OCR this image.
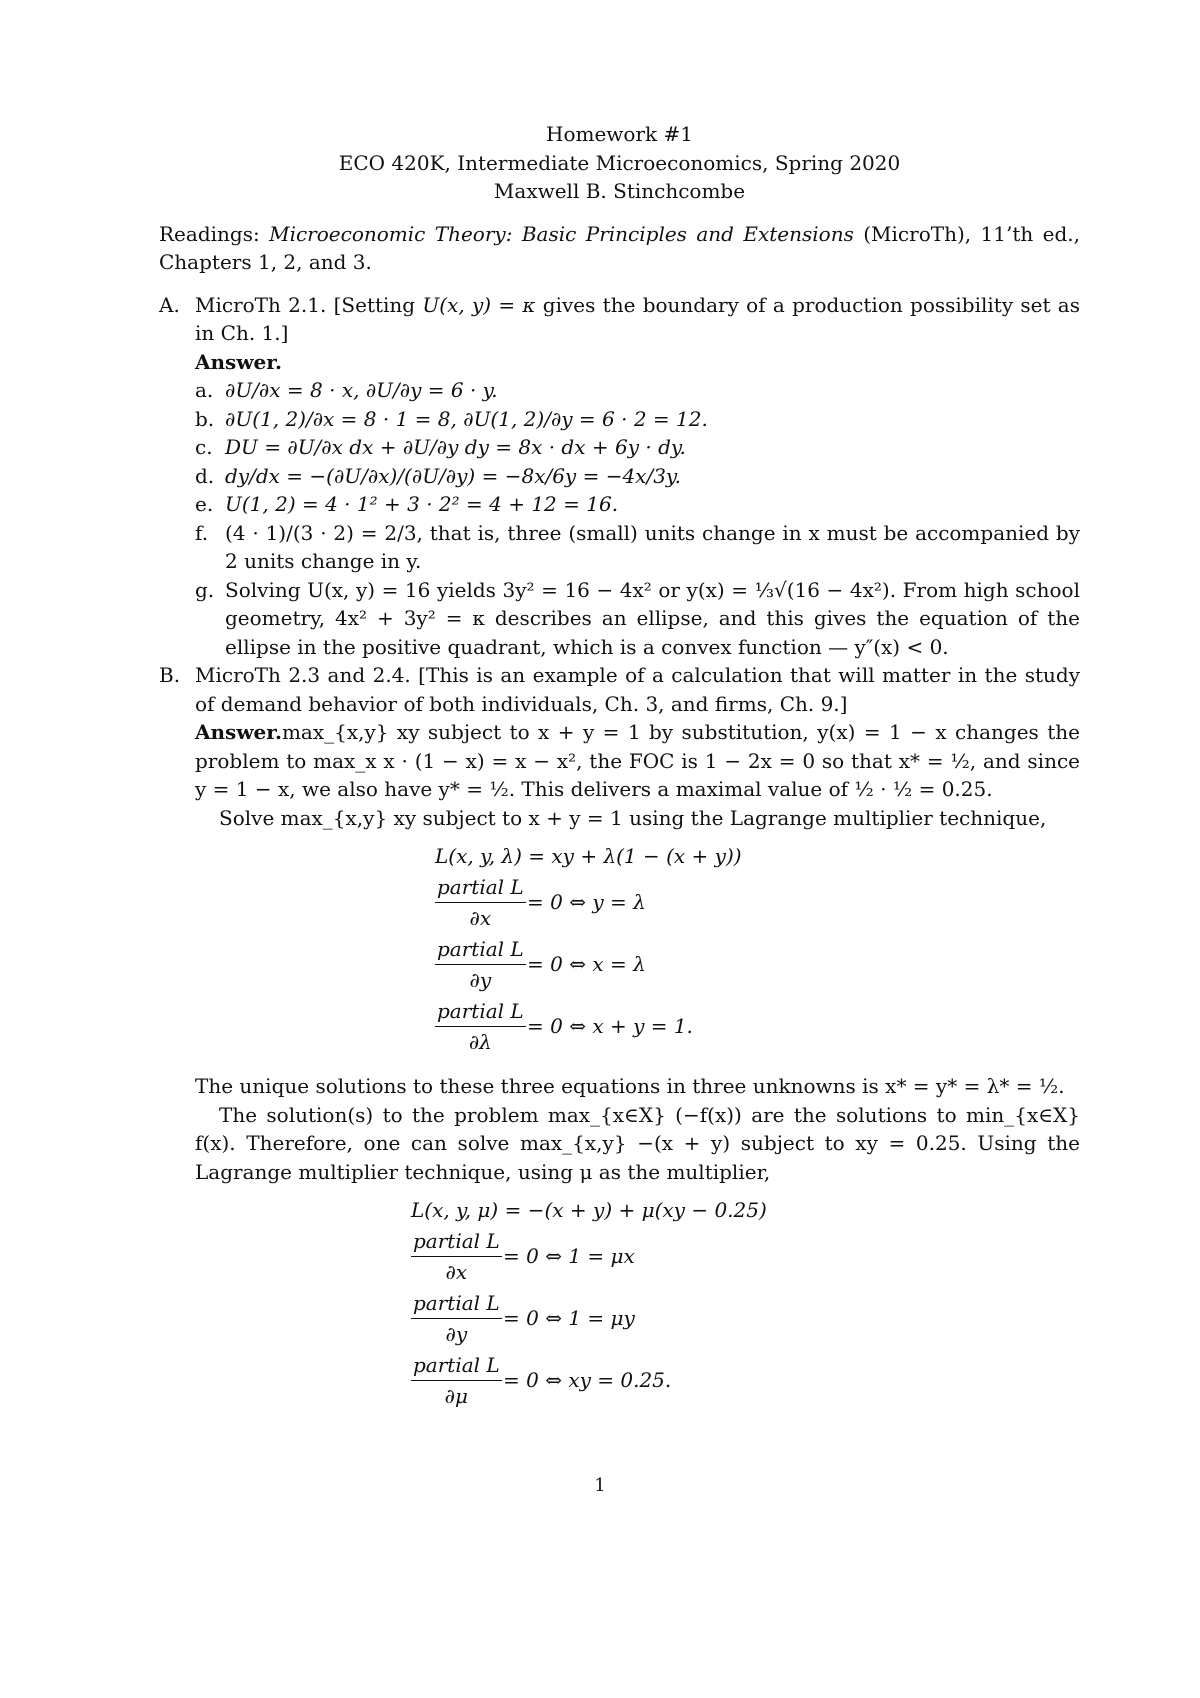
Homework #1

ECO 420K, Intermediate Microeconomics, Spring 2020

Maxwell B. Stinchcombe

Readings: Microeconomic Theory: Basic Principles and Extensions (MicroTh), 11’th ed., Chapters 1, 2, and 3.

A. MicroTh 2.1. [Setting U(x, y) = κ gives the boundary of a production possibility set as in Ch. 1.]

Answer.

a. ∂U/∂x = 8 · x, ∂U/∂y = 6 · y.
b. ∂U(1, 2)/∂x = 8 · 1 = 8, ∂U(1, 2)/∂y = 6 · 2 = 12.
c. DU = ∂U/∂x dx + ∂U/∂y dy = 8x · dx + 6y · dy.
d. dy/dx = −(∂U/∂x)/(∂U/∂y) = −8x/6y = −4x/3y.
e. U(1, 2) = 4 · 1² + 3 · 2² = 4 + 12 = 16.
f. (4 · 1)/(3 · 2) = 2/3, that is, three (small) units change in x must be accompanied by 2 units change in y.
g. Solving U(x, y) = 16 yields 3y² = 16 − 4x² or y(x) = ⅓√(16 − 4x²). From high school geometry, 4x² + 3y² = κ describes an ellipse, and this gives the equation of the ellipse in the positive quadrant, which is a convex function — y″(x) < 0.
B. MicroTh 2.3 and 2.4. [This is an example of a calculation that will matter in the study of demand behavior of both individuals, Ch. 3, and firms, Ch. 9.]

Answer.max_{x,y} xy subject to x + y = 1 by substitution, y(x) = 1 − x changes the problem to max_x x · (1 − x) = x − x², the FOC is 1 − 2x = 0 so that x* = ½, and since y = 1 − x, we also have y* = ½. This delivers a maximal value of ½ · ½ = 0.25.

Solve max_{x,y} xy subject to x + y = 1 using the Lagrange multiplier technique,

L(x, y, λ) = xy + λ(1 − (x + y))
partial L
∂x
= 0 ⇔ y = λ
partial L
∂y
= 0 ⇔ x = λ
partial L
∂λ
= 0 ⇔ x + y = 1.

The unique solutions to these three equations in three unknowns is x* = y* = λ* = ½.

The solution(s) to the problem max_{x∈X} (−f(x)) are the solutions to min_{x∈X} f(x). Therefore, one can solve max_{x,y} −(x + y) subject to xy = 0.25. Using the Lagrange multiplier technique, using μ as the multiplier,

L(x, y, μ) = −(x + y) + μ(xy − 0.25)
partial L
∂x
= 0 ⇔ 1 = μx
partial L
∂y
= 0 ⇔ 1 = μy
partial L
∂μ
= 0 ⇔ xy = 0.25.
1
